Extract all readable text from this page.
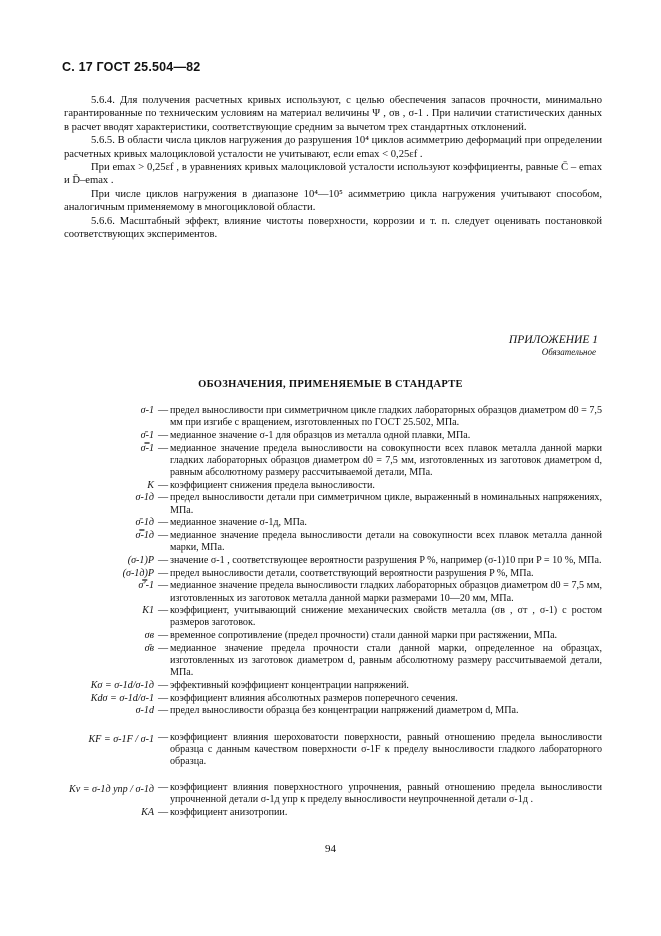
С. 17 ГОСТ 25.504—82

5.6.4. Для получения расчетных кривых используют, с целью обеспечения запасов прочности, минимально гарантированные по техническим условиям на материал величины Ψ , σв , σ-1 . При наличии статистических данных в расчет вводят характеристики, соответствующие средним за вычетом трех стандартных отклонений.

5.6.5. В области числа циклов нагружения до разрушения 10⁴ циклов асимметрию деформаций при определении расчетных кривых малоцикловой усталости не учитывают, если emax < 0,25εf .

При emax > 0,25εf , в уравнениях кривых малоцикловой усталости используют коэффициенты, равные C̄ – emax и D̄–emax .

При числе циклов нагружения в диапазоне 10⁴—10⁵ асимметрию цикла нагружения учитывают способом, аналогичным применяемому в многоцикловой области.

5.6.6. Масштабный эффект, влияние чистоты поверхности, коррозии и т. п. следует оценивать постановкой соответствующих экспериментов.

ПРИЛОЖЕНИЕ 1
Обязательное
ОБОЗНАЧЕНИЯ, ПРИМЕНЯЕМЫЕ В СТАНДАРТЕ
σ-1 — предел выносливости при симметричном цикле гладких лабораторных образцов диаметром d0 = 7,5 мм при изгибе с вращением, изготовленных по ГОСТ 25.502, МПа.
σ̄-1 — медианное значение σ-1 для образцов из металла одной плавки, МПа.
σ̿-1 — медианное значение предела выносливости на совокупности всех плавок металла данной марки гладких лабораторных образцов диаметром d0 = 7,5 мм, изготовленных из заготовок диаметром d, равным абсолютному размеру рассчитываемой детали, МПа.
K — коэффициент снижения предела выносливости.
σ-1д — предел выносливости детали при симметричном цикле, выраженный в номинальных напряжениях, МПа.
σ̄-1д — медианное значение σ-1д, МПа.
σ̿-1д — медианное значение предела выносливости детали на совокупности всех плавок металла данной марки, МПа.
(σ-1)P — значение σ-1 , соответствующее вероятности разрушения P %, например (σ-1)10 при P = 10 %, МПа.
(σ-1д)P — предел выносливости детали, соответствующий вероятности разрушения P %, МПа.
σ̿′-1 — медианное значение предела выносливости гладких лабораторных образцов диаметром d0 = 7,5 мм, изготовленных из заготовок металла данной марки размерами 10—20 мм, МПа.
K1 — коэффициент, учитывающий снижение механических свойств металла (σв , σт , σ-1) с ростом размеров заготовок.
σв — временное сопротивление (предел прочности) стали данной марки при растяжении, МПа.
σ̄в — медианное значение предела прочности стали данной марки, определенное на образцах, изготовленных из заготовок диаметром d, равным абсолютному размеру рассчитываемой детали, МПа.
Kσ = σ-1d/σ-1д — эффективный коэффициент концентрации напряжений.
Kdσ = σ-1d/σ-1 — коэффициент влияния абсолютных размеров поперечного сечения.
σ-1d — предел выносливости образца без концентрации напряжений диаметром d, МПа.
KF = σ-1F / σ-1 — коэффициент влияния шероховатости поверхности, равный отношению предела выносливости образца с данным качеством поверхности σ-1F к пределу выносливости гладкого лабораторного образца.
Kv = σ-1д упр / σ-1д — коэффициент влияния поверхностного упрочнения, равный отношению предела выносливости упрочненной детали σ-1д упр к пределу выносливости неупрочненной детали σ-1д .
KA — коэффициент анизотропии.
94
